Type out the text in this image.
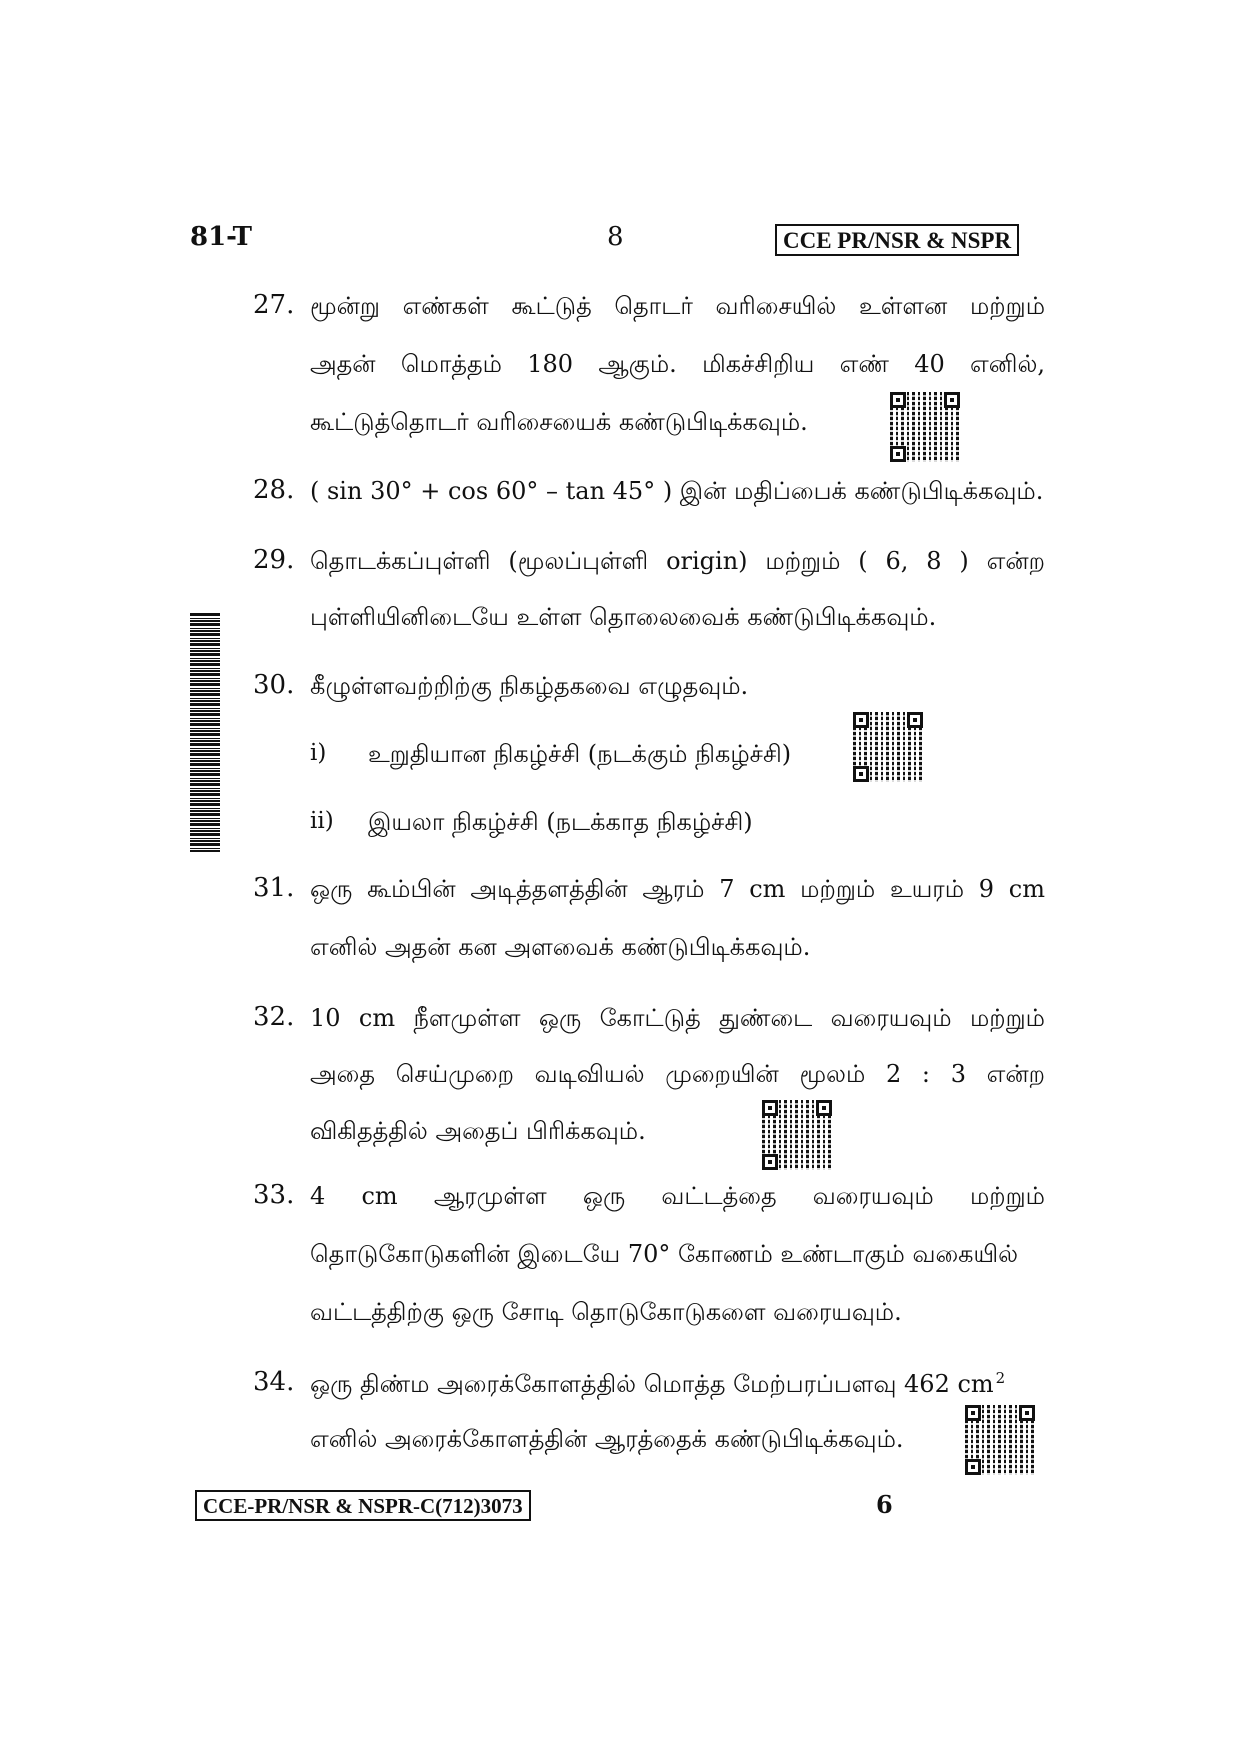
81-T	8	CCE PR/NSR & NSPR
27. மூன்று எண்கள் கூட்டுத் தொடர் வரிசையில் உள்ளன மற்றும்
அதன் மொத்தம் 180 ஆகும். மிகச்சிறிய எண் 40 எனில்,
கூட்டுத்தொடர் வரிசையைக் கண்டுபிடிக்கவும்.
28. ( sin 30° + cos 60° – tan 45° ) இன் மதிப்பைக் கண்டுபிடிக்கவும்.
29. தொடக்கப்புள்ளி (மூலப்புள்ளி origin) மற்றும் ( 6, 8 ) என்ற
புள்ளியினிடையே உள்ள தொலைவைக் கண்டுபிடிக்கவும்.
30. கீழுள்ளவற்றிற்கு நிகழ்தகவை எழுதவும்.
i) உறுதியான நிகழ்ச்சி (நடக்கும் நிகழ்ச்சி)
ii) இயலா நிகழ்ச்சி (நடக்காத நிகழ்ச்சி)
31. ஒரு கூம்பின் அடித்தளத்தின் ஆரம் 7 cm மற்றும் உயரம் 9 cm
எனில் அதன் கன அளவைக் கண்டுபிடிக்கவும்.
32. 10 cm நீளமுள்ள ஒரு கோட்டுத் துண்டை வரையவும் மற்றும்
அதை செய்முறை வடிவியல் முறையின் மூலம் 2 : 3 என்ற
விகிதத்தில் அதைப் பிரிக்கவும்.
33. 4 cm ஆரமுள்ள ஒரு வட்டத்தை வரையவும் மற்றும்
தொடுகோடுகளின் இடையே 70° கோணம் உண்டாகும் வகையில்
வட்டத்திற்கு ஒரு சோடி தொடுகோடுகளை வரையவும்.
34. ஒரு திண்ம அரைக்கோளத்தில் மொத்த மேற்பரப்பளவு 462 cm $^2$
எனில் அரைக்கோளத்தின் ஆரத்தைக் கண்டுபிடிக்கவும்.
CCE-PR/NSR & NSPR-C(712)3073	6
